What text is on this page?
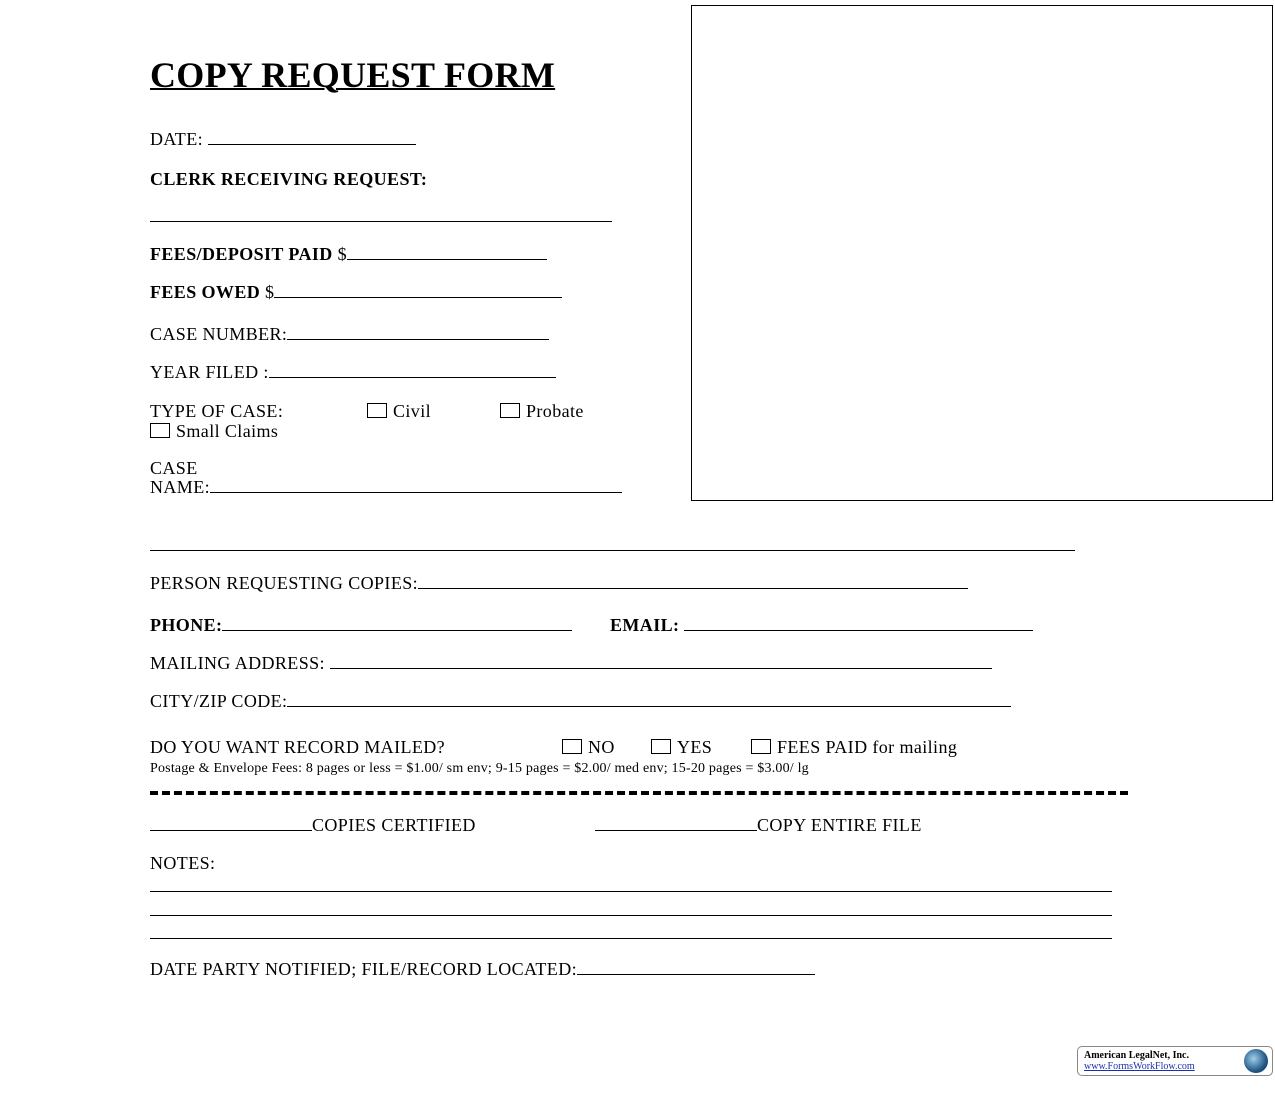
COPY REQUEST FORM
DATE:
CLERK RECEIVING REQUEST:
FEES/DEPOSIT PAID $
FEES OWED $
CASE NUMBER:
YEAR FILED :
TYPE OF CASE:	Civil	Probate
Small Claims
CASE
NAME:
PERSON REQUESTING COPIES:
PHONE:	EMAIL:
MAILING ADDRESS:
CITY/ZIP CODE:
DO YOU WANT RECORD MAILED?	NO	YES	FEES PAID for mailing
Postage & Envelope Fees: 8 pages or less = $1.00/ sm env; 9-15 pages = $2.00/ med env; 15-20 pages = $3.00/ lg
COPIES CERTIFIED	COPY ENTIRE FILE
NOTES:
DATE PARTY NOTIFIED; FILE/RECORD LOCATED:
American LegalNet, Inc.
www.FormsWorkFlow.com
